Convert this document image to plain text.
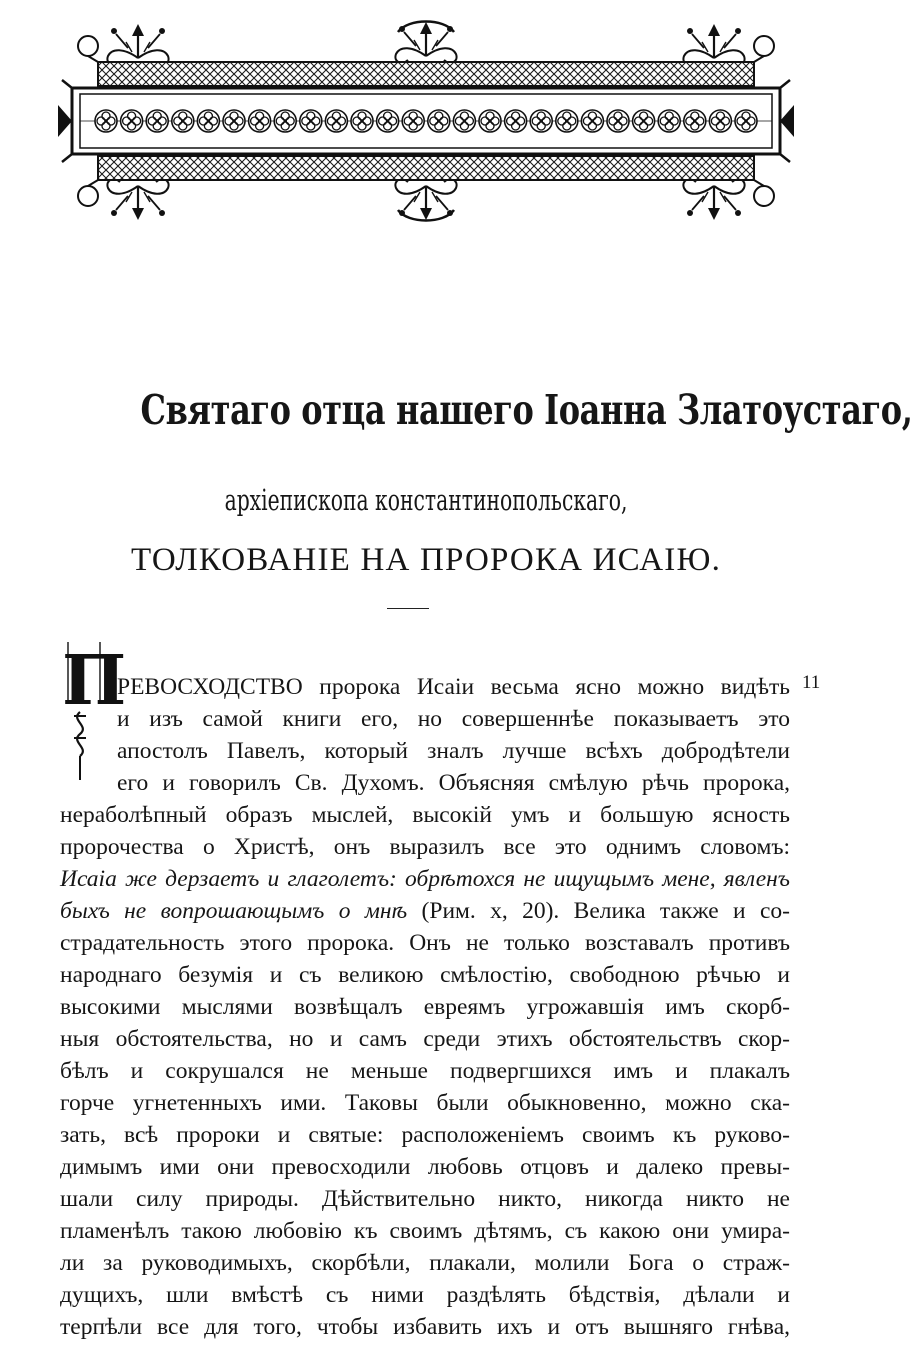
Святаго отца нашего Іоанна Златоустаго,
архіепископа константинопольскаго,
ТОЛКОВАНІЕ НА ПРОРОКА ИСАІЮ.
П	11
РЕВОСХОДСТВО пророка Исаіи весьма ясно можно видѣть
и изъ самой книги его, но совершеннѣе показываетъ это
апостолъ Павелъ, который зналъ лучше всѣхъ добродѣтели
его и говорилъ Св. Духомъ. Объясняя смѣлую рѣчь пророка,
нераболѣпный образъ мыслей, высокій умъ и большую ясность
пророчества о Христѣ, онъ выразилъ все это однимъ словомъ:
Исаіа же дерзаетъ и глаголетъ: обрѣтохся не ищущымъ мене, явленъ
быхъ не вопрошающымъ о мнѣ (Рим. x, 20). Велика также и со-
страдательность этого пророка. Онъ не только возставалъ противъ
народнаго безумія и съ великою смѣлостію, свободною рѣчью и
высокими мыслями возвѣщалъ евреямъ угрожавшія имъ скорб-
ныя обстоятельства, но и самъ среди этихъ обстоятельствъ скор-
бѣлъ и сокрушался не меньше подвергшихся имъ и плакалъ
горче угнетенныхъ ими. Таковы были обыкновенно, можно ска-
зать, всѣ пророки и святые: расположеніемъ своимъ къ руково-
димымъ ими они превосходили любовь отцовъ и далеко превы-
шали силу природы. Дѣйствительно никто, никогда никто не
пламенѣлъ такою любовію къ своимъ дѣтямъ, съ какою они умира-
ли за руководимыхъ, скорбѣли, плакали, молили Бога о страж-
дущихъ, шли вмѣстѣ съ ними раздѣлять бѣдствія, дѣлали и
терпѣли все для того, чтобы избавить ихъ и отъ вышняго гнѣва,
